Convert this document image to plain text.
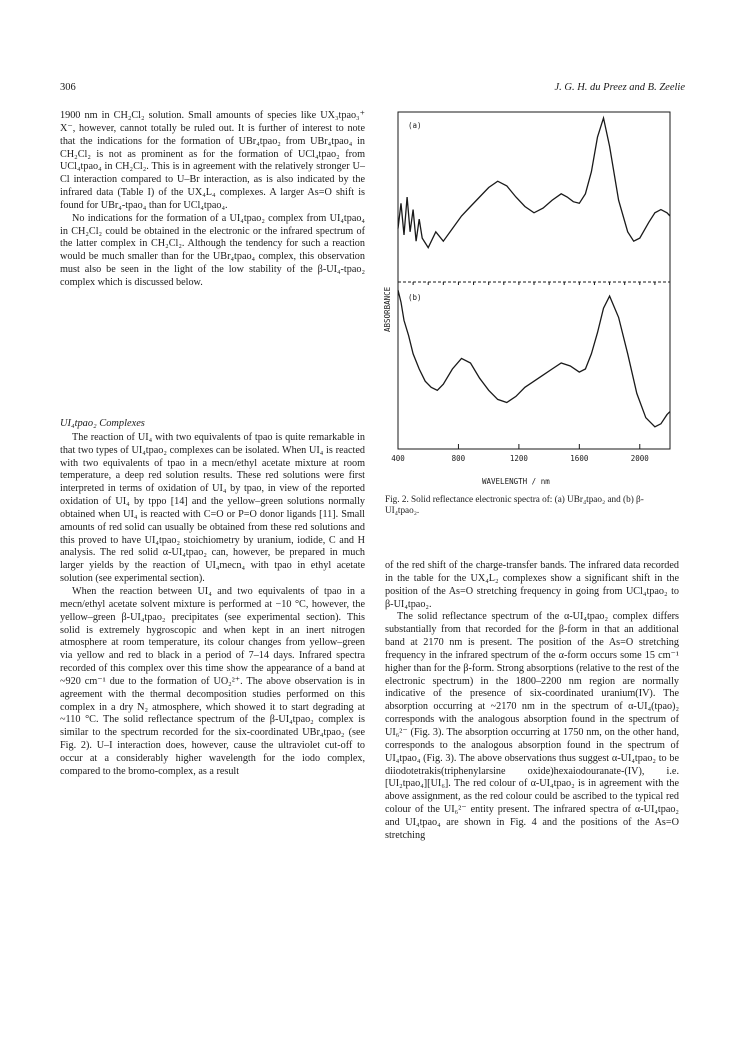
306	J. G. H. du Preez and B. Zeelie

1900 nm in CH₂Cl₂ solution. Small amounts of species like UX₃tpao₃⁺ X⁻, however, cannot totally be ruled out. It is further of interest to note that the indications for the formation of UBr₄tpao₂ from UBr₄tpao₄ in CH₂Cl₂ is not as prominent as for the formation of UCl₄tpao₂ from UCl₄tpao₄ in CH₂Cl₂. This is in agreement with the relatively stronger U–Cl interaction compared to U–Br interaction, as is also indicated by the infrared data (Table I) of the UX₄L₄ complexes. A larger As=O shift is found for UBr₄-tpao₄ than for UCl₄tpao₄.

No indications for the formation of a UI₄tpao₂ complex from UI₄tpao₄ in CH₂Cl₂ could be obtained in the electronic or the infrared spectrum of the latter complex in CH₂Cl₂. Although the tendency for such a reaction would be much smaller than for the UBr₄tpao₄ complex, this observation must also be seen in the light of the low stability of the β-UI₄-tpao₂ complex which is discussed below.

UI₄tpao₂ Complexes

The reaction of UI₄ with two equivalents of tpao is quite remarkable in that two types of UI₄tpao₂ complexes can be isolated. When UI₄ is reacted with two equivalents of tpao in a mecn/ethyl acetate mixture at room temperature, a deep red solution results. These red solutions were first interpreted in terms of oxidation of UI₄ by tpao, in view of the reported oxidation of UI₄ by tppo [14] and the yellow–green solutions normally obtained when UI₄ is reacted with C=O or P=O donor ligands [11]. Small amounts of red solid can usually be obtained from these red solutions and this proved to have UI₄tpao₂ stoichiometry by uranium, iodide, C and H analysis. The red solid α-UI₄tpao₂ can, however, be prepared in much larger yields by the reaction of UI₄mecn₄ with tpao in ethyl acetate solution (see experimental section).

When the reaction between UI₄ and two equivalents of tpao in a mecn/ethyl acetate solvent mixture is performed at −10 °C, however, the yellow–green β-UI₄tpao₂ precipitates (see experimental section). This solid is extremely hygroscopic and when kept in an inert nitrogen atmosphere at room temperature, its colour changes from yellow–green via yellow and red to black in a period of 7–14 days. Infrared spectra recorded of this complex over this time show the appearance of a band at ~920 cm⁻¹ due to the formation of UO₂²⁺. The above observation is in agreement with the thermal decomposition studies performed on this complex in a dry N₂ atmosphere, which showed it to start degrading at ~110 °C. The solid reflectance spectrum of the β-UI₄tpao₂ complex is similar to the spectrum recorded for the six-coordinated UBr₄tpao₂ (see Fig. 2). U–I interaction does, however, cause the ultraviolet cut-off to occur at a considerably higher wavelength for the iodo complex, compared to the bromo-complex, as a result

(a)
(b)
ABSORBANCE
WAVELENGTH / nm
400	800	1200	1600	2000
Fig. 2. Solid reflectance electronic spectra of: (a) UBr₄tpao₂ and (b) β-UI₄tpao₂.

of the red shift of the charge-transfer bands. The infrared data recorded in the table for the UX₄L₂ complexes show a significant shift in the position of the As=O stretching frequency in going from UCl₄tpao₂ to β-UI₄tpao₂.

The solid reflectance spectrum of the α-UI₄tpao₂ complex differs substantially from that recorded for the β-form in that an additional band at 2170 nm is present. The position of the As=O stretching frequency in the infrared spectrum of the α-form occurs some 15 cm⁻¹ higher than for the β-form. Strong absorptions (relative to the rest of the electronic spectrum) in the 1800–2200 nm region are normally indicative of the presence of six-coordinated uranium(IV). The absorption occurring at ~2170 nm in the spectrum of α-UI₄(tpao)₂ corresponds with the analogous absorption found in the spectrum of UI₆²⁻ (Fig. 3). The absorption occurring at 1750 nm, on the other hand, corresponds to the analogous absorption found in the spectrum of UI₄tpao₄ (Fig. 3). The above observations thus suggest α-UI₄tpao₂ to be diiodotetrakis(triphenylarsine oxide)hexaiodouranate-(IV), i.e. [UI₂tpao₄][UI₆]. The red colour of α-UI₄tpao₂ is in agreement with the above assignment, as the red colour could be ascribed to the typical red colour of the UI₆²⁻ entity present. The infrared spectra of α-UI₄tpao₂ and UI₄tpao₄ are shown in Fig. 4 and the positions of the As=O stretching
